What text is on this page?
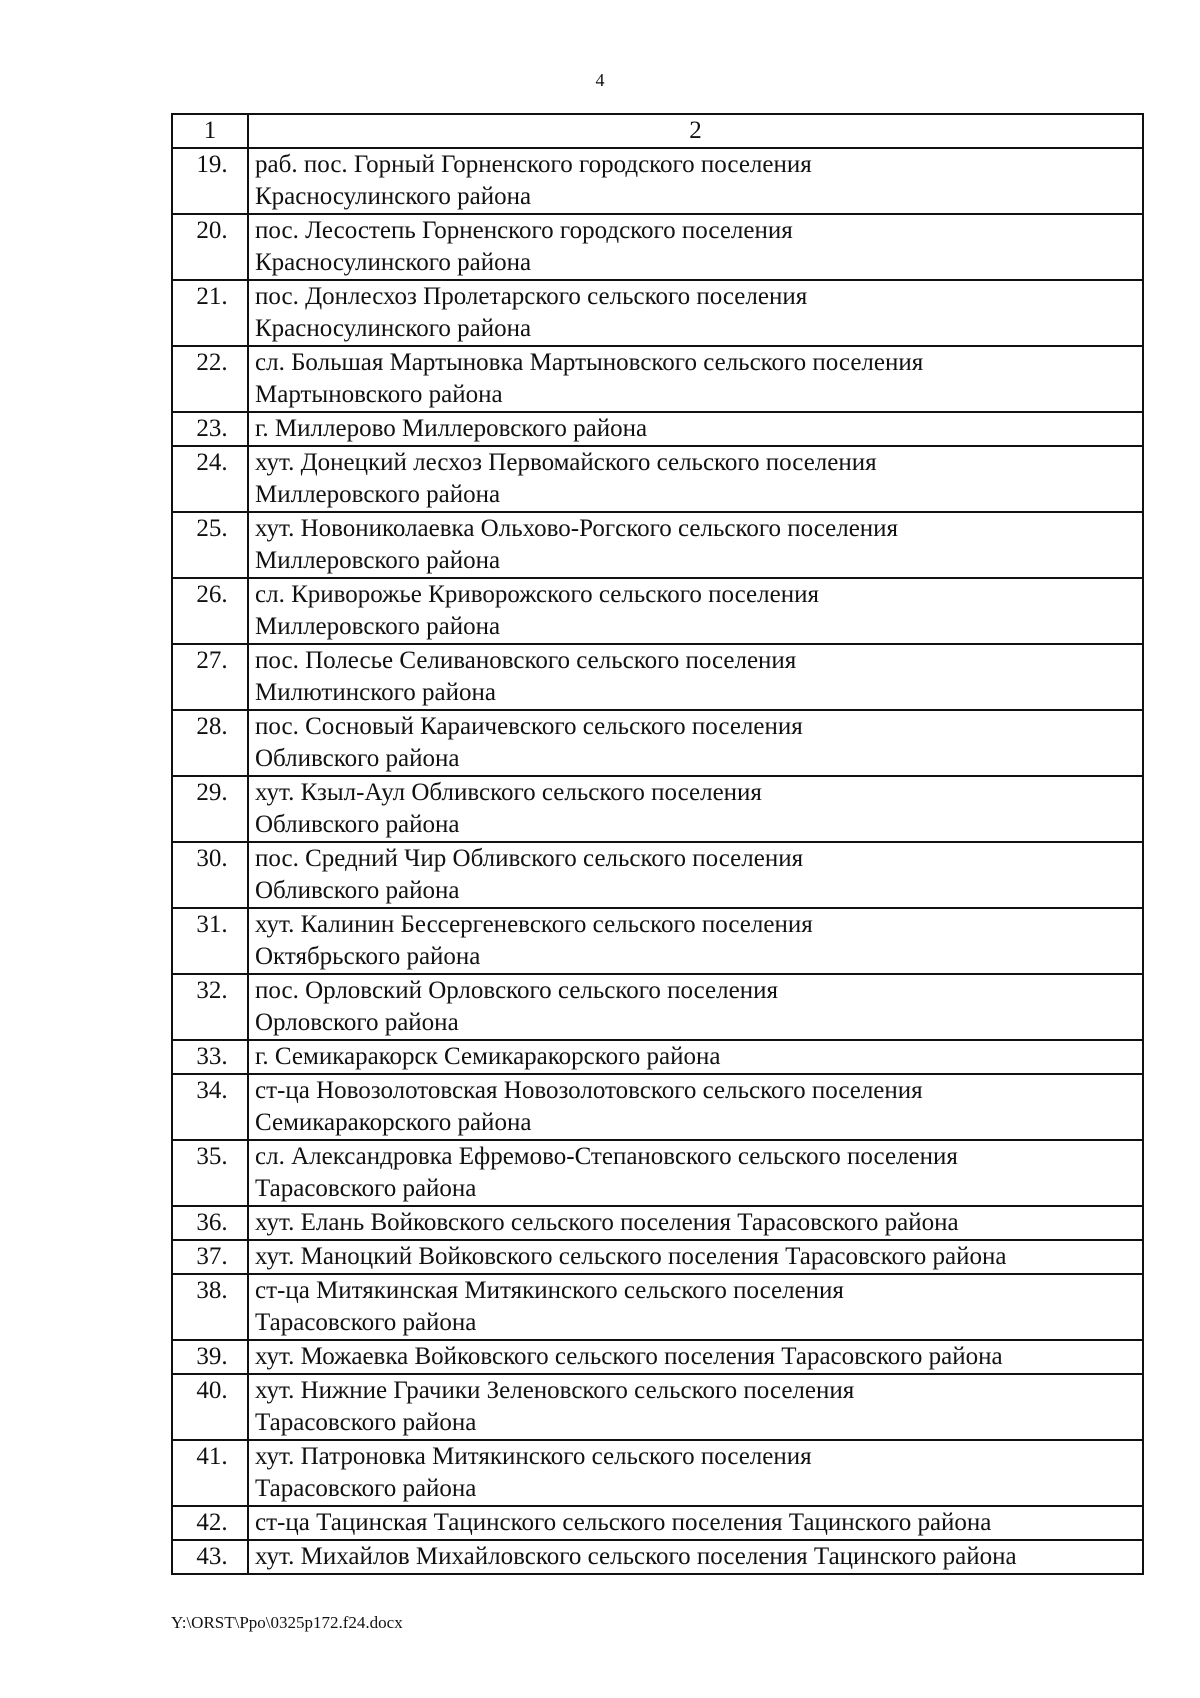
4
1	2
19.	раб. пос. Горный Горненского городского поселения
Красносулинского района
20.	пос. Лесостепь Горненского городского поселения
Красносулинского района
21.	пос. Донлесхоз Пролетарского сельского поселения
Красносулинского района
22.	сл. Большая Мартыновка Мартыновского сельского поселения
Мартыновского района
23.	г. Миллерово Миллеровского района
24.	хут. Донецкий лесхоз Первомайского сельского поселения
Миллеровского района
25.	хут. Новониколаевка Ольхово-Рогского сельского поселения
Миллеровского района
26.	сл. Криворожье Криворожского сельского поселения
Миллеровского района
27.	пос. Полесье Селивановского сельского поселения
Милютинского района
28.	пос. Сосновый Караичевского сельского поселения
Обливского района
29.	хут. Кзыл-Аул Обливского сельского поселения
Обливского района
30.	пос. Средний Чир Обливского сельского поселения
Обливского района
31.	хут. Калинин Бессергеневского сельского поселения
Октябрьского района
32.	пос. Орловский Орловского сельского поселения
Орловского района
33.	г. Семикаракорск Семикаракорского района
34.	ст-ца Новозолотовская Новозолотовского сельского поселения
Семикаракорского района
35.	сл. Александровка Ефремово-Степановского сельского поселения
Тарасовского района
36.	хут. Елань Войковского сельского поселения Тарасовского района
37.	хут. Маноцкий Войковского сельского поселения Тарасовского района
38.	ст-ца Митякинская Митякинского сельского поселения
Тарасовского района
39.	хут. Можаевка Войковского сельского поселения Тарасовского района
40.	хут. Нижние Грачики Зеленовского сельского поселения
Тарасовского района
41.	хут. Патроновка Митякинского сельского поселения
Тарасовского района
42.	ст-ца Тацинская Тацинского сельского поселения Тацинского района
43.	хут. Михайлов Михайловского сельского поселения Тацинского района
Y:\ORST\Ppo\0325p172.f24.docx
